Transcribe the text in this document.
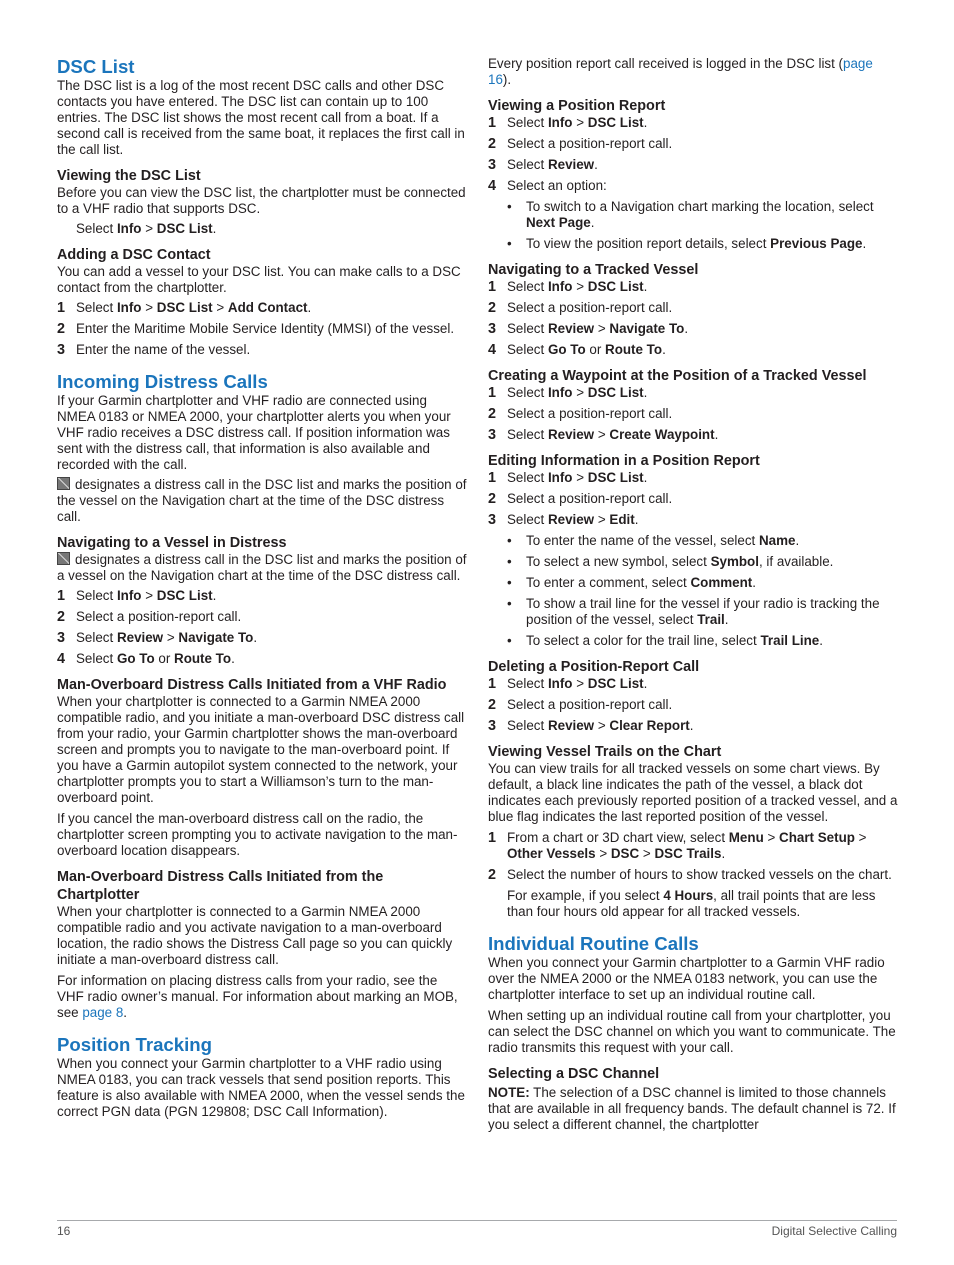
DSC List

The DSC list is a log of the most recent DSC calls and other DSC contacts you have entered. The DSC list can contain up to 100 entries. The DSC list shows the most recent call from a boat. If a second call is received from the same boat, it replaces the first call in the call list.

Viewing the DSC List

Before you can view the DSC list, the chartplotter must be connected to a VHF radio that supports DSC.

Select Info > DSC List.
Adding a DSC Contact

You can add a vessel to your DSC list. You can make calls to a DSC contact from the chartplotter.

1 Select Info > DSC List > Add Contact.
2 Enter the Maritime Mobile Service Identity (MMSI) of the vessel.
3 Enter the name of the vessel.
Incoming Distress Calls

If your Garmin chartplotter and VHF radio are connected using NMEA 0183 or NMEA 2000, your chartplotter alerts you when your VHF radio receives a DSC distress call. If position information was sent with the distress call, that information is also available and recorded with the call.

designates a distress call in the DSC list and marks the position of the vessel on the Navigation chart at the time of the DSC distress call.

Navigating to a Vessel in Distress

designates a distress call in the DSC list and marks the position of a vessel on the Navigation chart at the time of the DSC distress call.

1 Select Info > DSC List.
2 Select a position-report call.
3 Select Review > Navigate To.
4 Select Go To or Route To.
Man-Overboard Distress Calls Initiated from a VHF Radio

When your chartplotter is connected to a Garmin NMEA 2000 compatible radio, and you initiate a man-overboard DSC distress call from your radio, your Garmin chartplotter shows the man-overboard screen and prompts you to navigate to the man-overboard point. If you have a Garmin autopilot system connected to the network, your chartplotter prompts you to start a Williamson’s turn to the man-overboard point.

If you cancel the man-overboard distress call on the radio, the chartplotter screen prompting you to activate navigation to the man-overboard location disappears.

Man-Overboard Distress Calls Initiated from the Chartplotter

When your chartplotter is connected to a Garmin NMEA 2000 compatible radio and you activate navigation to a man-overboard location, the radio shows the Distress Call page so you can quickly initiate a man-overboard distress call.

For information on placing distress calls from your radio, see the VHF radio owner’s manual. For information about marking an MOB, see page 8.

Position Tracking

When you connect your Garmin chartplotter to a VHF radio using NMEA 0183, you can track vessels that send position reports. This feature is also available with NMEA 2000, when the vessel sends the correct PGN data (PGN 129808; DSC Call Information).

Every position report call received is logged in the DSC list (page 16).

Viewing a Position Report
1 Select Info > DSC List.
2 Select a position-report call.
3 Select Review.
4 Select an option:
• To switch to a Navigation chart marking the location, select Next Page.
• To view the position report details, select Previous Page.
Navigating to a Tracked Vessel
1 Select Info > DSC List.
2 Select a position-report call.
3 Select Review > Navigate To.
4 Select Go To or Route To.
Creating a Waypoint at the Position of a Tracked Vessel
1 Select Info > DSC List.
2 Select a position-report call.
3 Select Review > Create Waypoint.
Editing Information in a Position Report
1 Select Info > DSC List.
2 Select a position-report call.
3 Select Review > Edit.
• To enter the name of the vessel, select Name.
• To select a new symbol, select Symbol, if available.
• To enter a comment, select Comment.
• To show a trail line for the vessel if your radio is tracking the position of the vessel, select Trail.
• To select a color for the trail line, select Trail Line.
Deleting a Position-Report Call
1 Select Info > DSC List.
2 Select a position-report call.
3 Select Review > Clear Report.
Viewing Vessel Trails on the Chart

You can view trails for all tracked vessels on some chart views. By default, a black line indicates the path of the vessel, a black dot indicates each previously reported position of a tracked vessel, and a blue flag indicates the last reported position of the vessel.

1 From a chart or 3D chart view, select Menu > Chart Setup > Other Vessels > DSC > DSC Trails.
2 Select the number of hours to show tracked vessels on the chart.
For example, if you select 4 Hours, all trail points that are less than four hours old appear for all tracked vessels.
Individual Routine Calls

When you connect your Garmin chartplotter to a Garmin VHF radio over the NMEA 2000 or the NMEA 0183 network, you can use the chartplotter interface to set up an individual routine call.

When setting up an individual routine call from your chartplotter, you can select the DSC channel on which you want to communicate. The radio transmits this request with your call.

Selecting a DSC Channel

NOTE: The selection of a DSC channel is limited to those channels that are available in all frequency bands. The default channel is 72. If you select a different channel, the chartplotter

16	Digital Selective Calling
